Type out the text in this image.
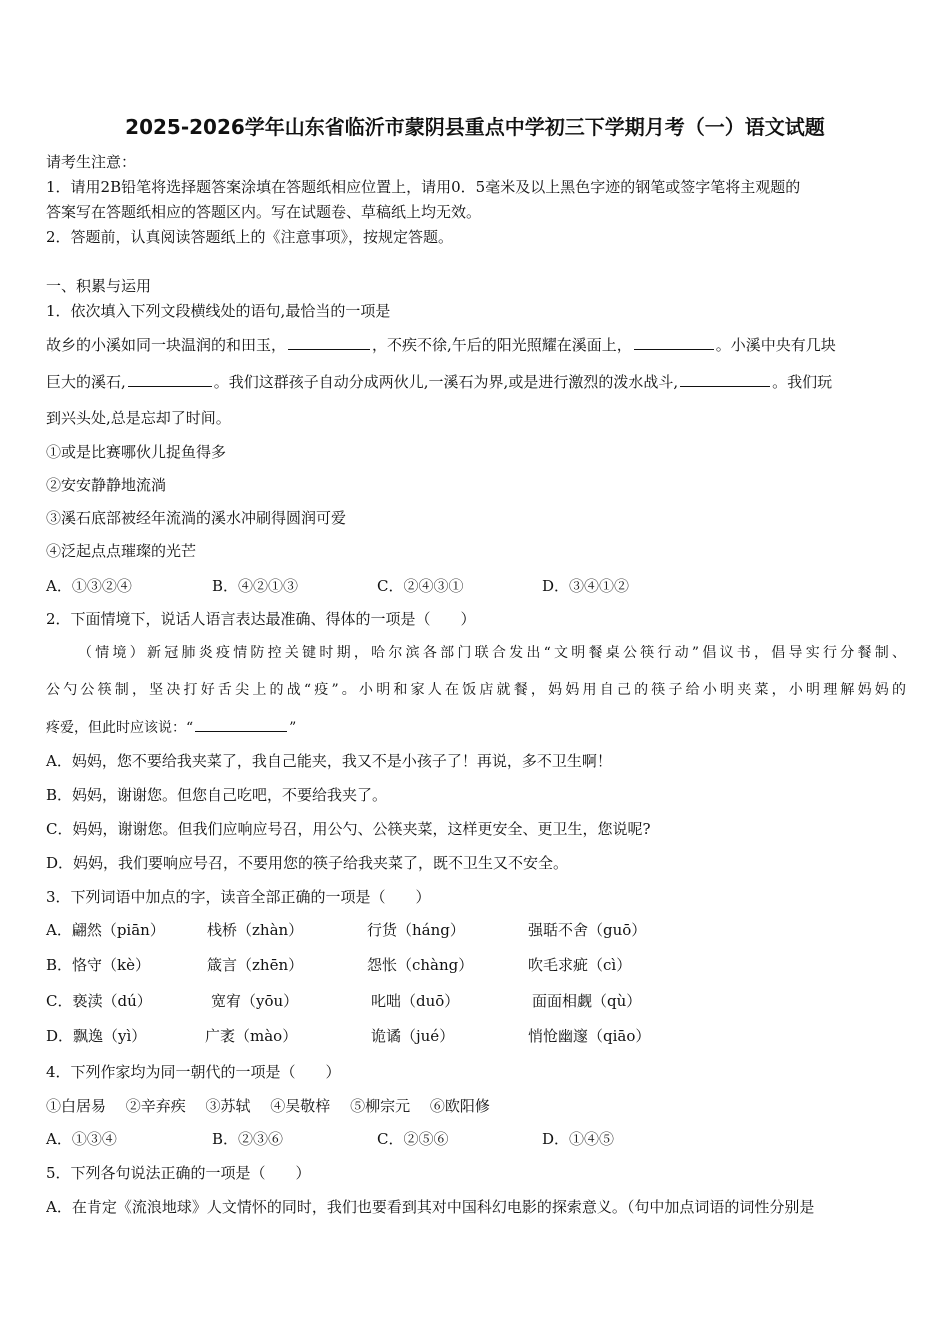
2025-2026学年山东省临沂市蒙阴县重点中学初三下学期月考（一）语文试题
请考生注意：
1．请用2B铅笔将选择题答案涂填在答题纸相应位置上，请用0．5毫米及以上黑色字迹的钢笔或签字笔将主观题的
答案写在答题纸相应的答题区内。写在试题卷、草稿纸上均无效。
2．答题前，认真阅读答题纸上的《注意事项》，按规定答题。
一、积累与运用
1．依次填入下列文段横线处的语句,最恰当的一项是
故乡的小溪如同一块温润的和田玉，	，不疾不徐,午后的阳光照耀在溪面上，	。小溪中央有几块
巨大的溪石,	。我们这群孩子自动分成两伙儿,一溪石为界,或是进行激烈的泼水战斗,	。我们玩
到兴头处,总是忘却了时间。
①或是比赛哪伙儿捉鱼得多
②安安静静地流淌
③溪石底部被经年流淌的溪水冲刷得圆润可爱
④泛起点点璀璨的光芒
A．①③②④	B．④②①③	C．②④③①	D．③④①②
2．下面情境下，说话人语言表达最准确、得体的一项是（　　）
（情境）新冠肺炎疫情防控关键时期，哈尔滨各部门联合发出“文明餐桌公筷行动”倡议书，倡导实行分餐制、
公勺公筷制，坚决打好舌尖上的战“疫”。小明和家人在饭店就餐，妈妈用自己的筷子给小明夹菜，小明理解妈妈的
疼爱，但此时应该说：“	”
A．妈妈，您不要给我夹菜了，我自己能夹，我又不是小孩子了！再说，多不卫生啊！
B．妈妈，谢谢您。但您自己吃吧，不要给我夹了。
C．妈妈，谢谢您。但我们应响应号召，用公勺、公筷夹菜，这样更安全、更卫生，您说呢?
D．妈妈，我们要响应号召，不要用您的筷子给我夹菜了，既不卫生又不安全。
3．下列词语中加点的字，读音全部正确的一项是（　　）
A．翩然（piān）	栈桥（zhàn）	行货（háng）	强聒不舍（guō）
B．恪守（kè）	箴言（zhēn）	怨怅（chàng）	吹毛求疵（cì）
C．亵渎（dú）	宽宥（yōu）	叱咄（duō）	面面相觑（qù）
D．飘逸（yì）	广袤（mào）	诡谲（jué）	悄怆幽邃（qiāo）
4．下列作家均为同一朝代的一项是（　　）
①白居易　 ②辛弃疾　 ③苏轼　 ④吴敬梓　 ⑤柳宗元　 ⑥欧阳修
A．①③④	B．②③⑥	C．②⑤⑥	D．①④⑤
5．下列各句说法正确的一项是（　　）
A．在肯定《流浪地球》人文情怀的同时，我们也要看到其对中国科幻电影的探索意义。（句中加点词语的词性分别是
